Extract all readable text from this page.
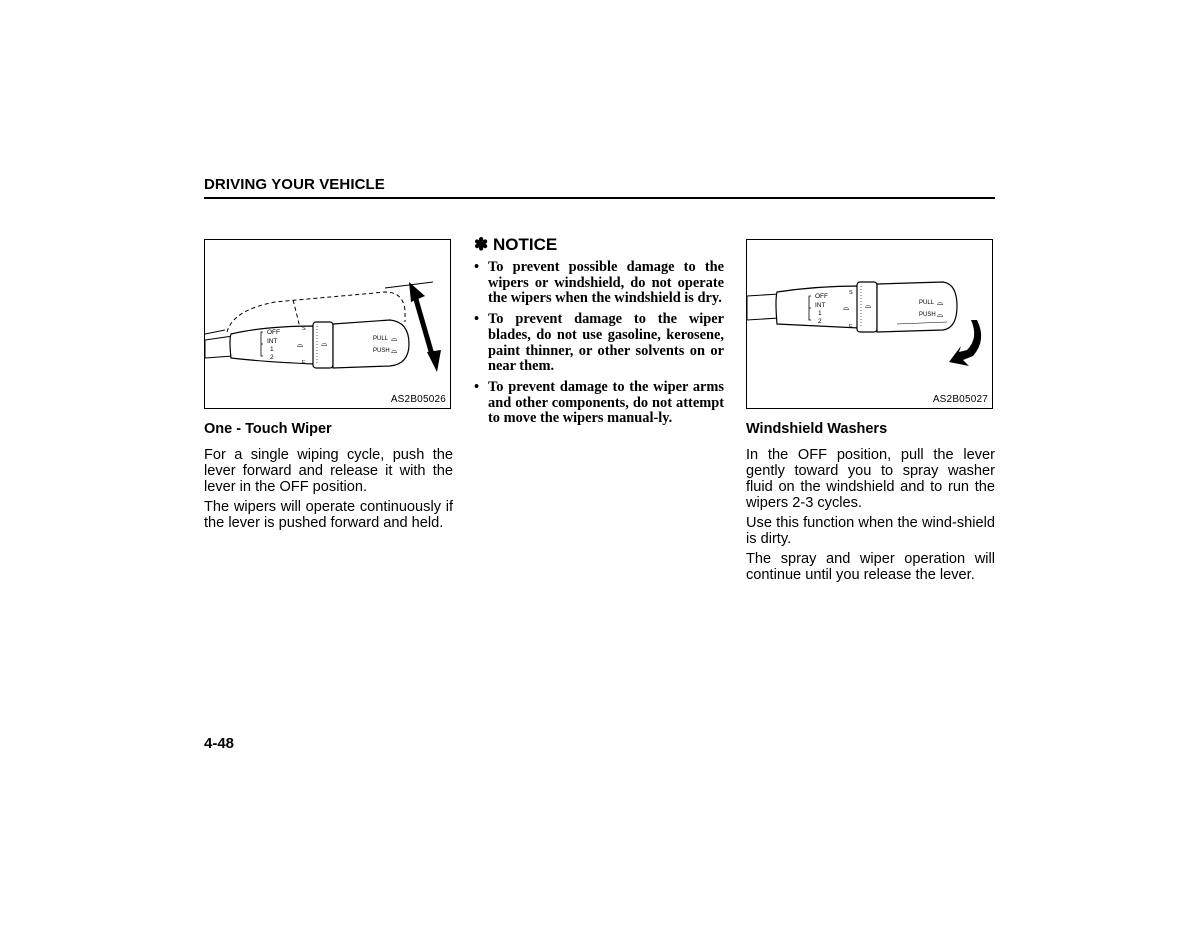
DRIVING YOUR VEHICLE
OFF
INT
1
2
S
F
⌓ ⌓	PULL
PUSH
⌓
⌓
AS2B05026
One - Touch Wiper

For a single wiping cycle, push the lever forward and release it with the lever in the OFF position.

The wipers will operate continuously if the lever is pushed forward and held.

✽ NOTICE
• To prevent possible damage to the wipers or windshield, do not operate the wipers when the windshield is dry.
• To prevent damage to the wiper blades, do not use gasoline, kerosene, paint thinner, or other solvents on or near them.
• To prevent damage to the wiper arms and other components, do not attempt to move the wipers manual-ly.
OFF
INT
1
2
S
F
⌓ ⌓	PULL
PUSH
⌓
⌓
AS2B05027
Windshield Washers

In the OFF position, pull the lever gently toward you to spray washer fluid on the windshield and to run the wipers 2-3 cycles.

Use this function when the wind-shield is dirty.

The spray and wiper operation will continue until you release the lever.

4-48
